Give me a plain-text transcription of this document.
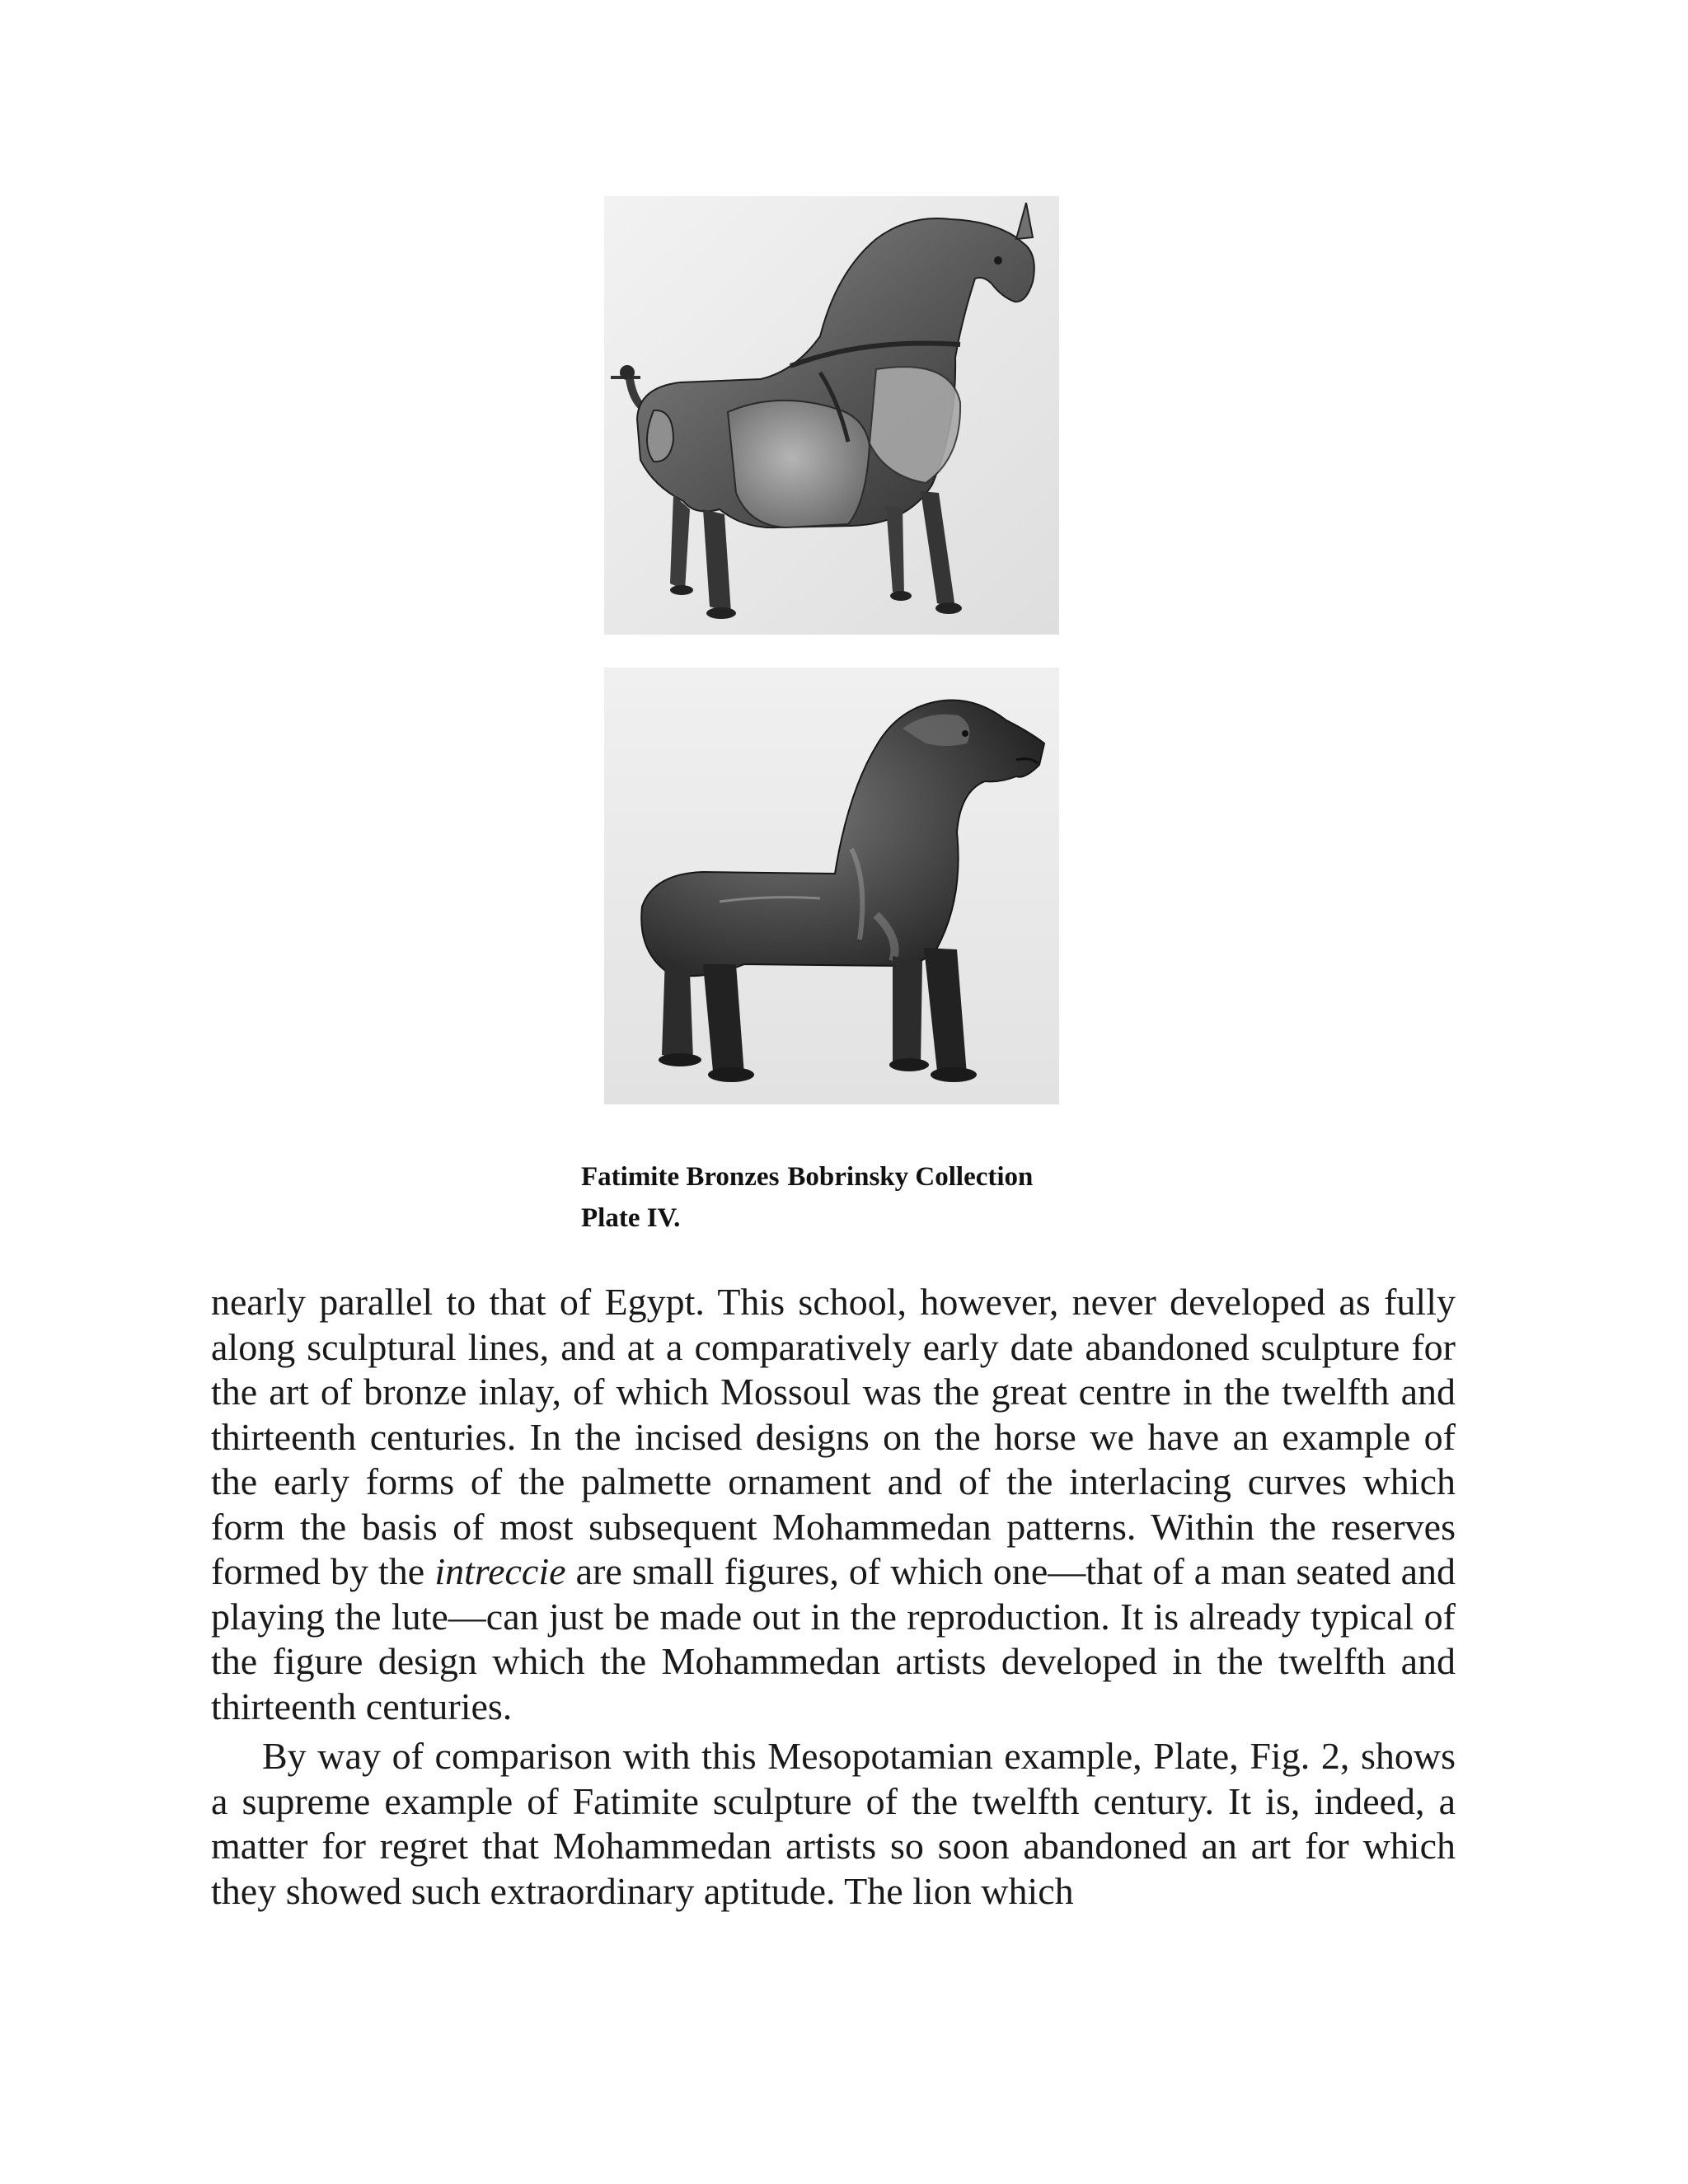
Fatimite Bronzes Bobrinsky Collection
Plate IV.

nearly parallel to that of Egypt. This school, however, never developed as fully along sculptural lines, and at a comparatively early date abandoned sculpture for the art of bronze inlay, of which Mossoul was the great centre in the twelfth and thirteenth centuries. In the incised designs on the horse we have an example of the early forms of the palmette ornament and of the interlacing curves which form the basis of most subsequent Mohammedan patterns. Within the reserves formed by the intreccie are small figures, of which one—that of a man seated and playing the lute—can just be made out in the reproduction. It is already typical of the figure design which the Mohammedan artists developed in the twelfth and thirteenth centuries.

By way of comparison with this Mesopotamian example, Plate, Fig. 2, shows a supreme example of Fatimite sculpture of the twelfth century. It is, indeed, a matter for regret that Mohammedan artists so soon abandoned an art for which they showed such extraordinary aptitude. The lion which
